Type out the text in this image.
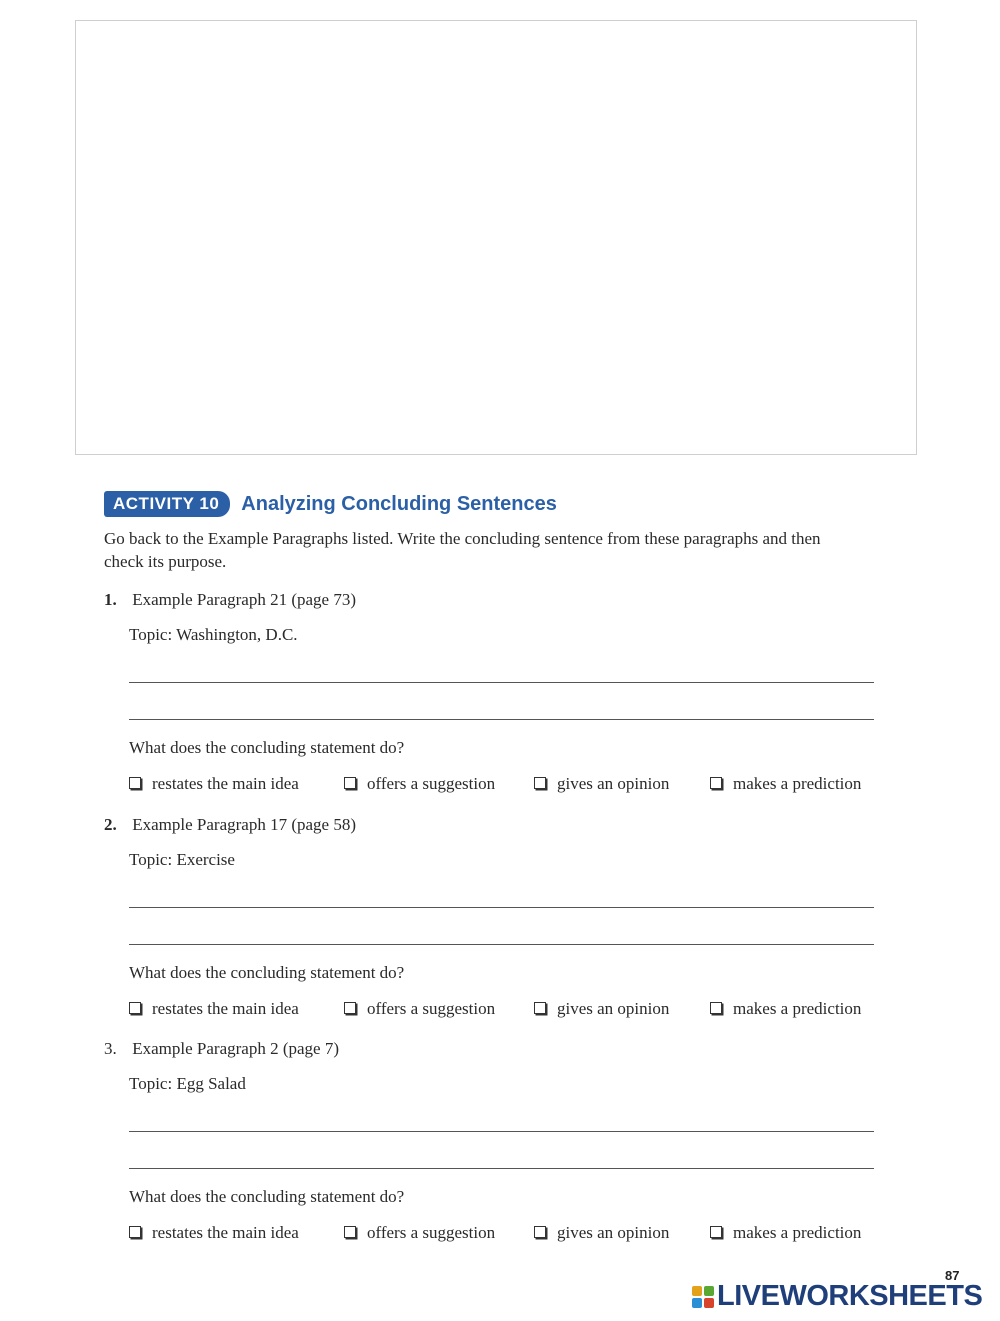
ACTIVITY 10	Analyzing Concluding Sentences
Go back to the Example Paragraphs listed. Write the concluding sentence from these paragraphs and then check its purpose.
1. Example Paragraph 21 (page 73)
Topic: Washington, D.C.
What does the concluding statement do?
restates the main idea	offers a suggestion	gives an opinion	makes a prediction
2. Example Paragraph 17 (page 58)
Topic: Exercise
What does the concluding statement do?
restates the main idea	offers a suggestion	gives an opinion	makes a prediction
3. Example Paragraph 2 (page 7)
Topic: Egg Salad
What does the concluding statement do?
restates the main idea	offers a suggestion	gives an opinion	makes a prediction
87
LIVEWORKSHEETS
